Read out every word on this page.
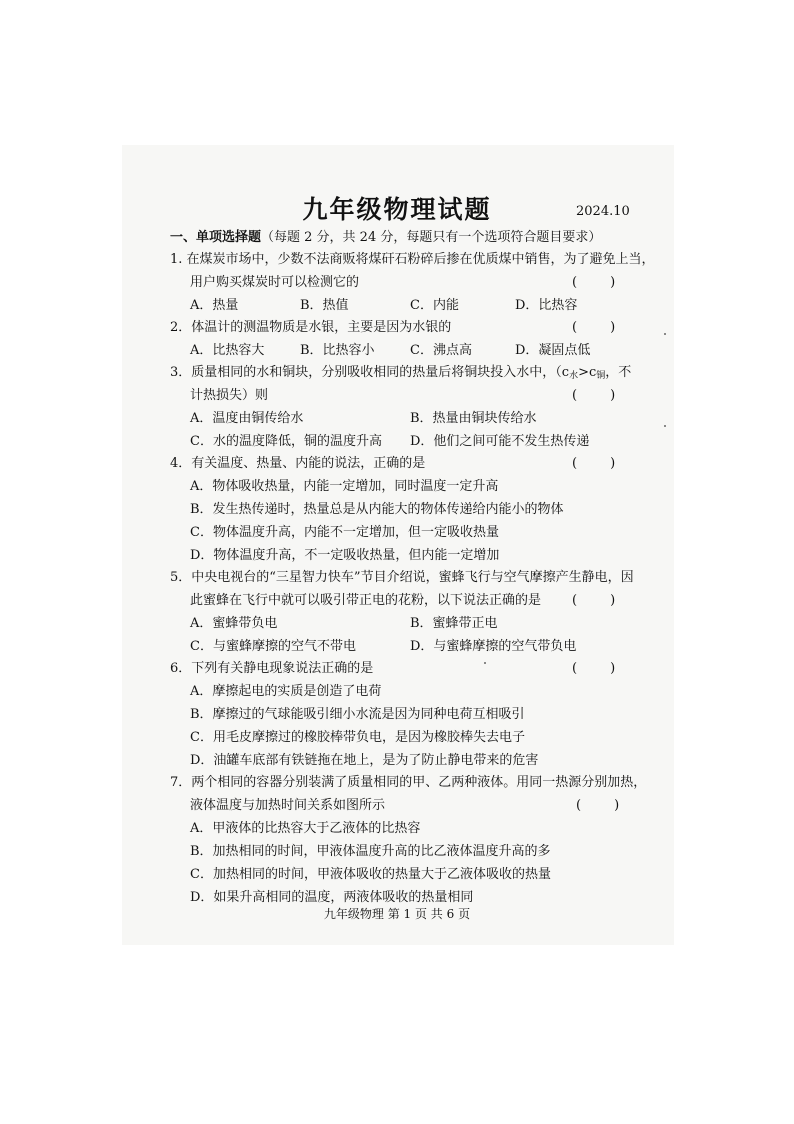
九年级物理试题	2024.10
一、单项选择题（每题 2 分，共 24 分，每题只有一个选项符合题目要求）
1. 在煤炭市场中，少数不法商贩将煤矸石粉碎后掺在优质煤中销售，为了避免上当，
用户购买煤炭时可以检测它的	(        )
A．热量	B．热值	C．内能	D．比热容
2．体温计的测温物质是水银，主要是因为水银的	(        )
A．比热容大	B．比热容小	C．沸点高	D．凝固点低
3．质量相同的水和铜块，分别吸收相同的热量后将铜块投入水中，（$c_水>c_铜$，不
计热损失）则	(        )
A．温度由铜传给水	B．热量由铜块传给水
C．水的温度降低，铜的温度升高 D．他们之间可能不发生热传递
4．有关温度、热量、内能的说法，正确的是	(        )
A．物体吸收热量，内能一定增加，同时温度一定升高
B．发生热传递时，热量总是从内能大的物体传递给内能小的物体
C．物体温度升高，内能不一定增加，但一定吸收热量
D．物体温度升高，不一定吸收热量，但内能一定增加
5．中央电视台的“三星智力快车”节目介绍说，蜜蜂飞行与空气摩擦产生静电，因
此蜜蜂在飞行中就可以吸引带正电的花粉，以下说法正确的是 (        )
A．蜜蜂带负电	B．蜜蜂带正电
C．与蜜蜂摩擦的空气不带电	D．与蜜蜂摩擦的空气带负电
6．下列有关静电现象说法正确的是	(        )
A．摩擦起电的实质是创造了电荷
B．摩擦过的气球能吸引细小水流是因为同种电荷互相吸引
C．用毛皮摩擦过的橡胶棒带负电，是因为橡胶棒失去电子
D．油罐车底部有铁链拖在地上，是为了防止静电带来的危害
7．两个相同的容器分别装满了质量相同的甲、乙两种液体。用同一热源分别加热，
液体温度与加热时间关系如图所示	(        )
A．甲液体的比热容大于乙液体的比热容
B．加热相同的时间，甲液体温度升高的比乙液体温度升高的多
C．加热相同的时间，甲液体吸收的热量大于乙液体吸收的热量
D．如果升高相同的温度，两液体吸收的热量相同
九年级物理 第 1 页 共 6 页
